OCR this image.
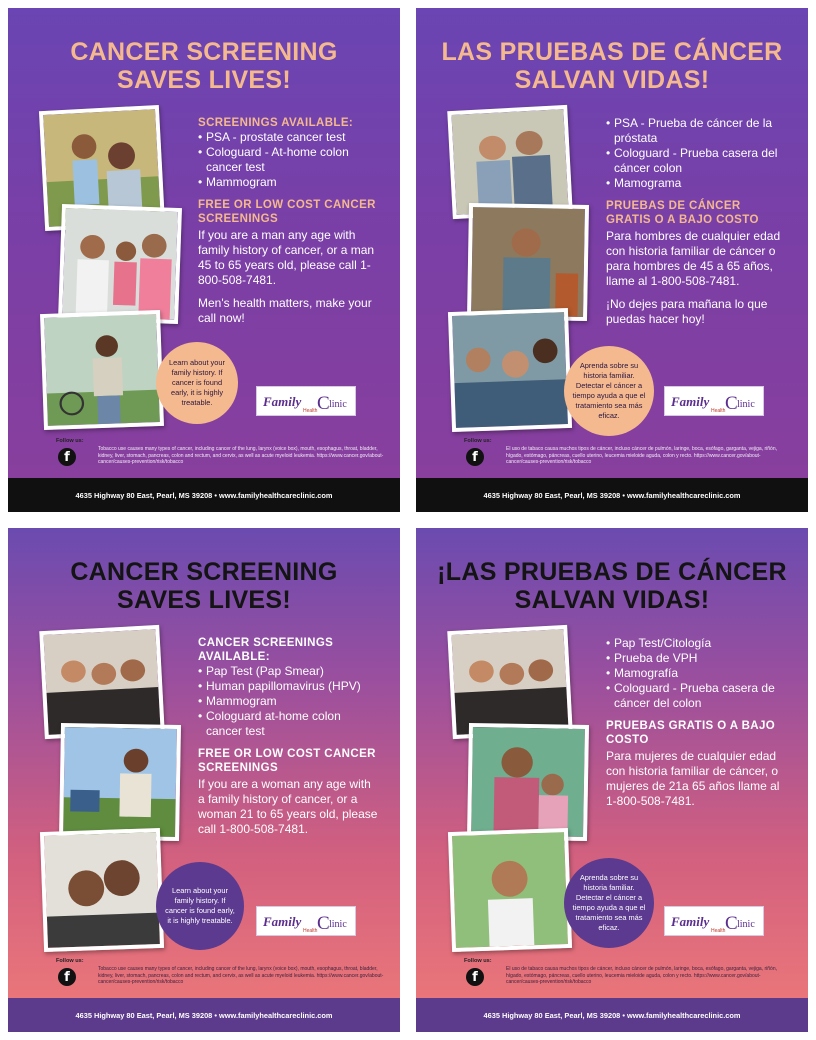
CANCER SCREENING
SAVES LIVES!

SCREENINGS AVAILABLE:

• PSA - prostate cancer test
• Cologuard - At-home colon cancer test
• Mammogram

FREE OR LOW COST CANCER SCREENINGS

If you are a man any age with family history of cancer, or a man 45 to 65 years old, please call 1-800-508-7481.

Men's health matters, make your call now!

Learn about your family history. If cancer is found early, it is highly treatable.	Family
Health C linic
Follow us:
f
Tobacco use causes many types of cancer, including cancer of the lung, larynx (voice box), mouth, esophagus, throat, bladder, kidney, liver, stomach, pancreas, colon and rectum, and cervix, as well as acute myeloid leukemia. https://www.cancer.gov/about-cancer/causes-prevention/risk/tobacco
4635 Highway 80 East, Pearl, MS 39208 • www.familyhealthcareclinic.com
LAS PRUEBAS DE CÁNCER
SALVAN VIDAS!
• PSA - Prueba de cáncer de la próstata
• Cologuard - Prueba casera del cáncer colon
• Mamograma

PRUEBAS DE CÁNCER GRATIS O A BAJO COSTO

Para hombres de cualquier edad con historia familiar de cáncer o para hombres de 45 a 65 años, llame al 1-800-508-7481.

¡No dejes para mañana lo que puedas hacer hoy!

Aprenda sobre su historia familiar. Detectar el cáncer a tiempo ayuda a que el tratamiento sea más eficaz.
Family
Health C linic
Follow us:
f
El uso de tabaco causa muchos tipos de cáncer, incluso cáncer de pulmón, laringe, boca, esófago, garganta, vejiga, riñón, hígado, estómago, páncreas, cuello uterino, leucemia mieloide aguda, colon y recto. https://www.cancer.gov/about-cancer/causes-prevention/risk/tobacco
4635 Highway 80 East, Pearl, MS 39208 • www.familyhealthcareclinic.com
CANCER SCREENING
SAVES LIVES!

CANCER SCREENINGS AVAILABLE:

• Pap Test (Pap Smear)
• Human papillomavirus (HPV)
• Mammogram
• Cologuard at-home colon cancer test

FREE OR LOW COST CANCER SCREENINGS

If you are a woman any age with a family history of cancer, or a woman 21 to 65 years old, please call 1-800-508-7481.

Learn about your family history. If cancer is found early, it is highly treatable.	Family
Health C linic
Follow us:
f
Tobacco use causes many types of cancer, including cancer of the lung, larynx (voice box), mouth, esophagus, throat, bladder, kidney, liver, stomach, pancreas, colon and rectum, and cervix, as well as acute myeloid leukemia. https://www.cancer.gov/about-cancer/causes-prevention/risk/tobacco
4635 Highway 80 East, Pearl, MS 39208 • www.familyhealthcareclinic.com
¡LAS PRUEBAS DE CÁNCER
SALVAN VIDAS!
• Pap Test/Citología
• Prueba de VPH
• Mamografía
• Cologuard - Prueba casera de cáncer del colon

PRUEBAS GRATIS O A BAJO COSTO

Para mujeres de cualquier edad con historia familiar de cáncer, o mujeres de 21a 65 años llame al 1-800-508-7481.

Aprenda sobre su historia familiar. Detectar el cáncer a tiempo ayuda a que el tratamiento sea más eficaz.	Family
Health C linic
Follow us:
f
El uso de tabaco causa muchos tipos de cáncer, incluso cáncer de pulmón, laringe, boca, esófago, garganta, vejiga, riñón, hígado, estómago, páncreas, cuello uterino, leucemia mieloide aguda, colon y recto. https://www.cancer.gov/about-cancer/causes-prevention/risk/tobacco
4635 Highway 80 East, Pearl, MS 39208 • www.familyhealthcareclinic.com
